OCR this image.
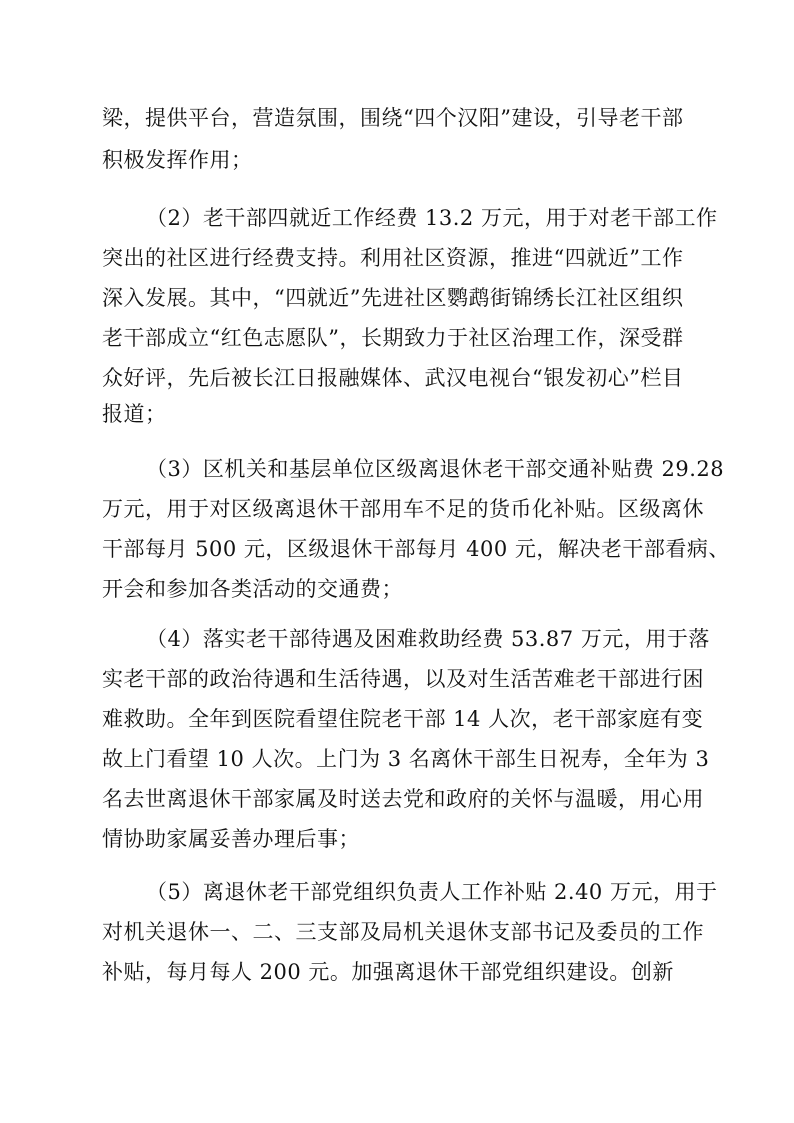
梁，提供平台，营造氛围，围绕“四个汉阳”建设，引导老干部
积极发挥作用；
（2）老干部四就近工作经费 13.2 万元，用于对老干部工作
突出的社区进行经费支持。利用社区资源，推进“四就近”工作
深入发展。其中，“四就近”先进社区鹦鹉街锦绣长江社区组织
老干部成立“红色志愿队”，长期致力于社区治理工作，深受群
众好评，先后被长江日报融媒体、武汉电视台“银发初心”栏目
报道；
（3）区机关和基层单位区级离退休老干部交通补贴费 29.28
万元，用于对区级离退休干部用车不足的货币化补贴。区级离休
干部每月 500 元，区级退休干部每月 400 元，解决老干部看病、
开会和参加各类活动的交通费；
（4）落实老干部待遇及困难救助经费 53.87 万元，用于落
实老干部的政治待遇和生活待遇，以及对生活苦难老干部进行困
难救助。全年到医院看望住院老干部 14 人次，老干部家庭有变
故上门看望 10 人次。上门为 3 名离休干部生日祝寿，全年为 3
名去世离退休干部家属及时送去党和政府的关怀与温暖，用心用
情协助家属妥善办理后事；
（5）离退休老干部党组织负责人工作补贴 2.40 万元，用于
对机关退休一、二、三支部及局机关退休支部书记及委员的工作
补贴，每月每人 200 元。加强离退休干部党组织建设。创新
